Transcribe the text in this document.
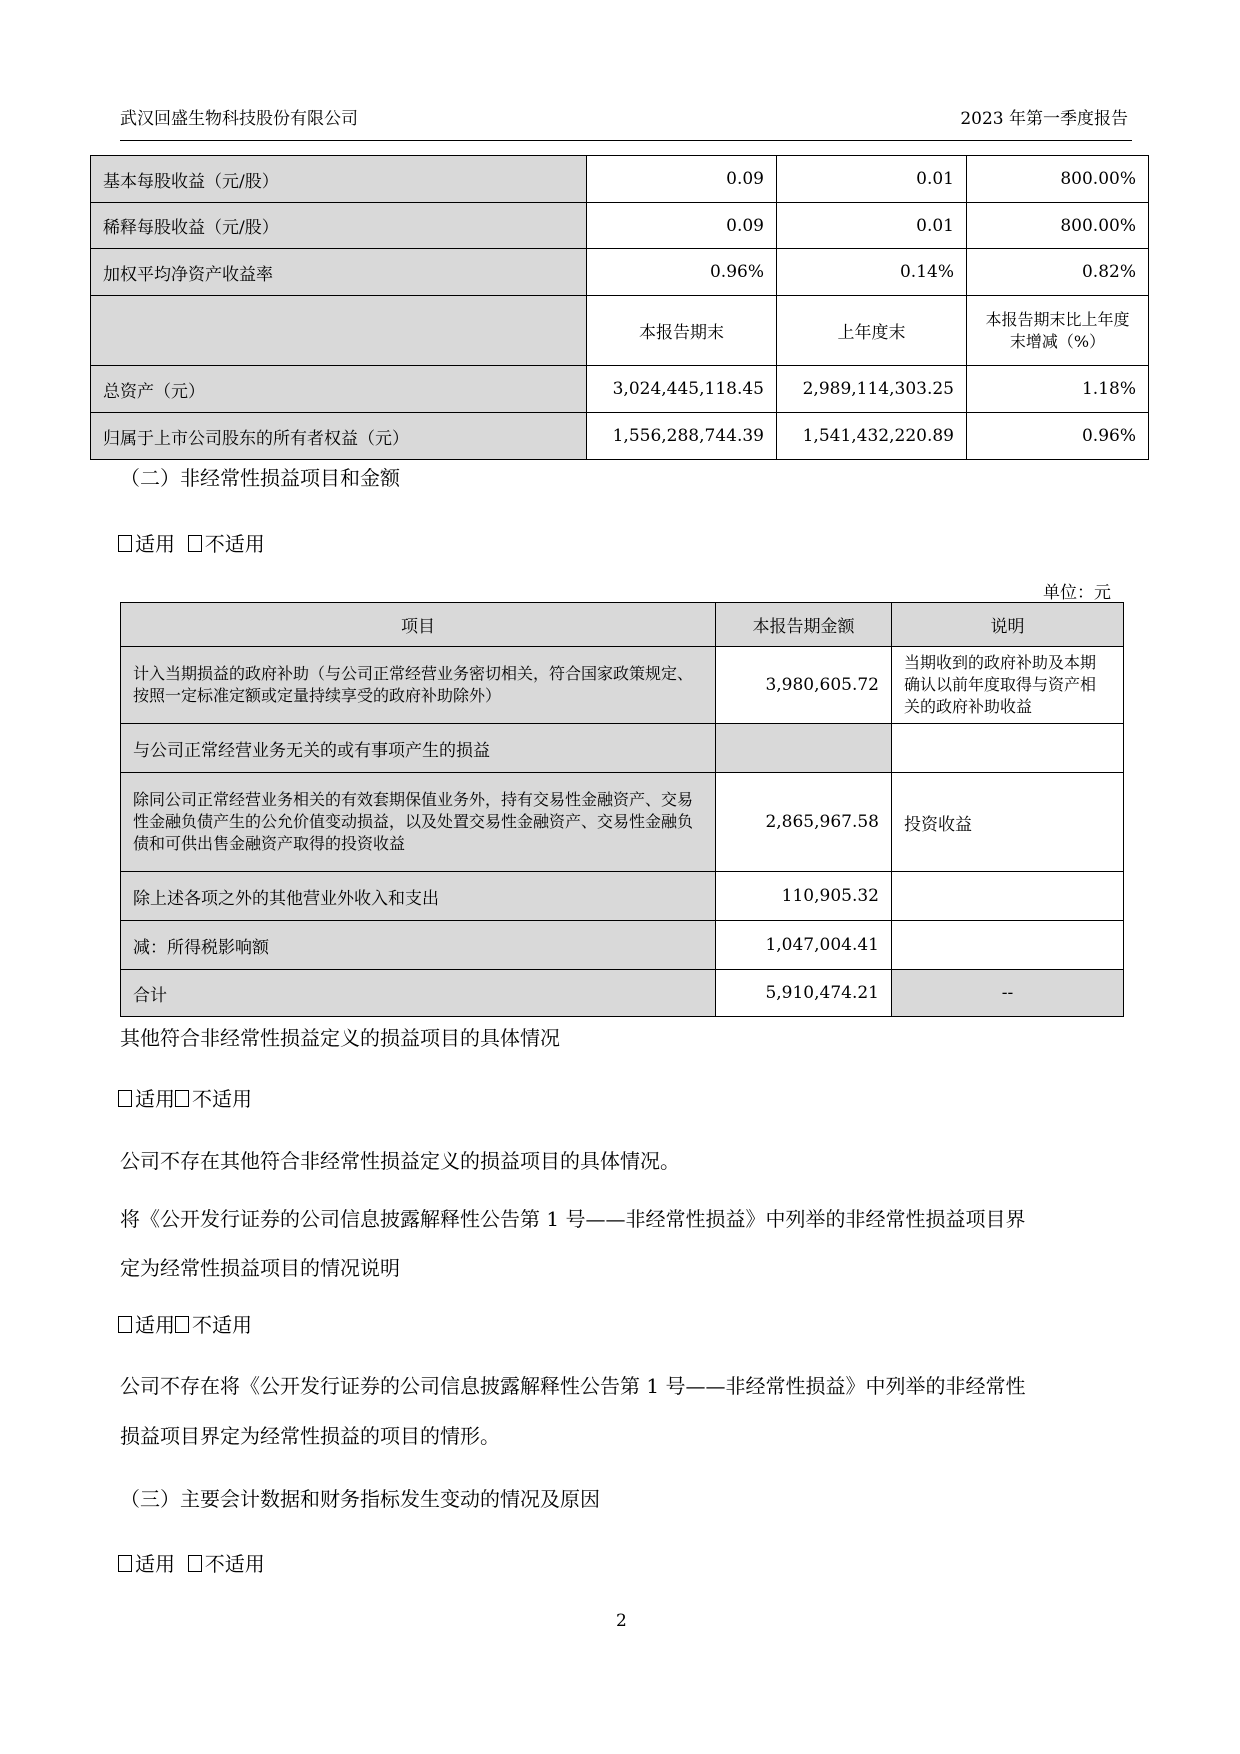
武汉回盛生物科技股份有限公司	2023 年第一季度报告
基本每股收益（元/股）	0.09	0.01	800.00%
稀释每股收益（元/股）	0.09	0.01	800.00%
加权平均净资产收益率	0.96%	0.14%	0.82%
	本报告期末	上年度末	本报告期末比上年度末增减（%）
总资产（元）	3,024,445,118.45	2,989,114,303.25	1.18%
归属于上市公司股东的所有者权益（元）	1,556,288,744.39	1,541,432,220.89	0.96%
（二）非经常性损益项目和金额
适用 不适用
单位：元
项目	本报告期金额	说明
计入当期损益的政府补助（与公司正常经营业务密切相关，符合国家政策规定、按照一定标准定额或定量持续享受的政府补助除外）	3,980,605.72	当期收到的政府补助及本期确认以前年度取得与资产相关的政府补助收益
与公司正常经营业务无关的或有事项产生的损益		
除同公司正常经营业务相关的有效套期保值业务外，持有交易性金融资产、交易性金融负债产生的公允价值变动损益，以及处置交易性金融资产、交易性金融负债和可供出售金融资产取得的投资收益	2,865,967.58	投资收益
除上述各项之外的其他营业外收入和支出	110,905.32	
减：所得税影响额	1,047,004.41	
合计	5,910,474.21	--
其他符合非经常性损益定义的损益项目的具体情况
适用 不适用
公司不存在其他符合非经常性损益定义的损益项目的具体情况。
将《公开发行证券的公司信息披露解释性公告第 1 号——非经常性损益》中列举的非经常性损益项目界
定为经常性损益项目的情况说明
适用 不适用
公司不存在将《公开发行证券的公司信息披露解释性公告第 1 号——非经常性损益》中列举的非经常性
损益项目界定为经常性损益的项目的情形。
（三）主要会计数据和财务指标发生变动的情况及原因
适用 不适用
2
